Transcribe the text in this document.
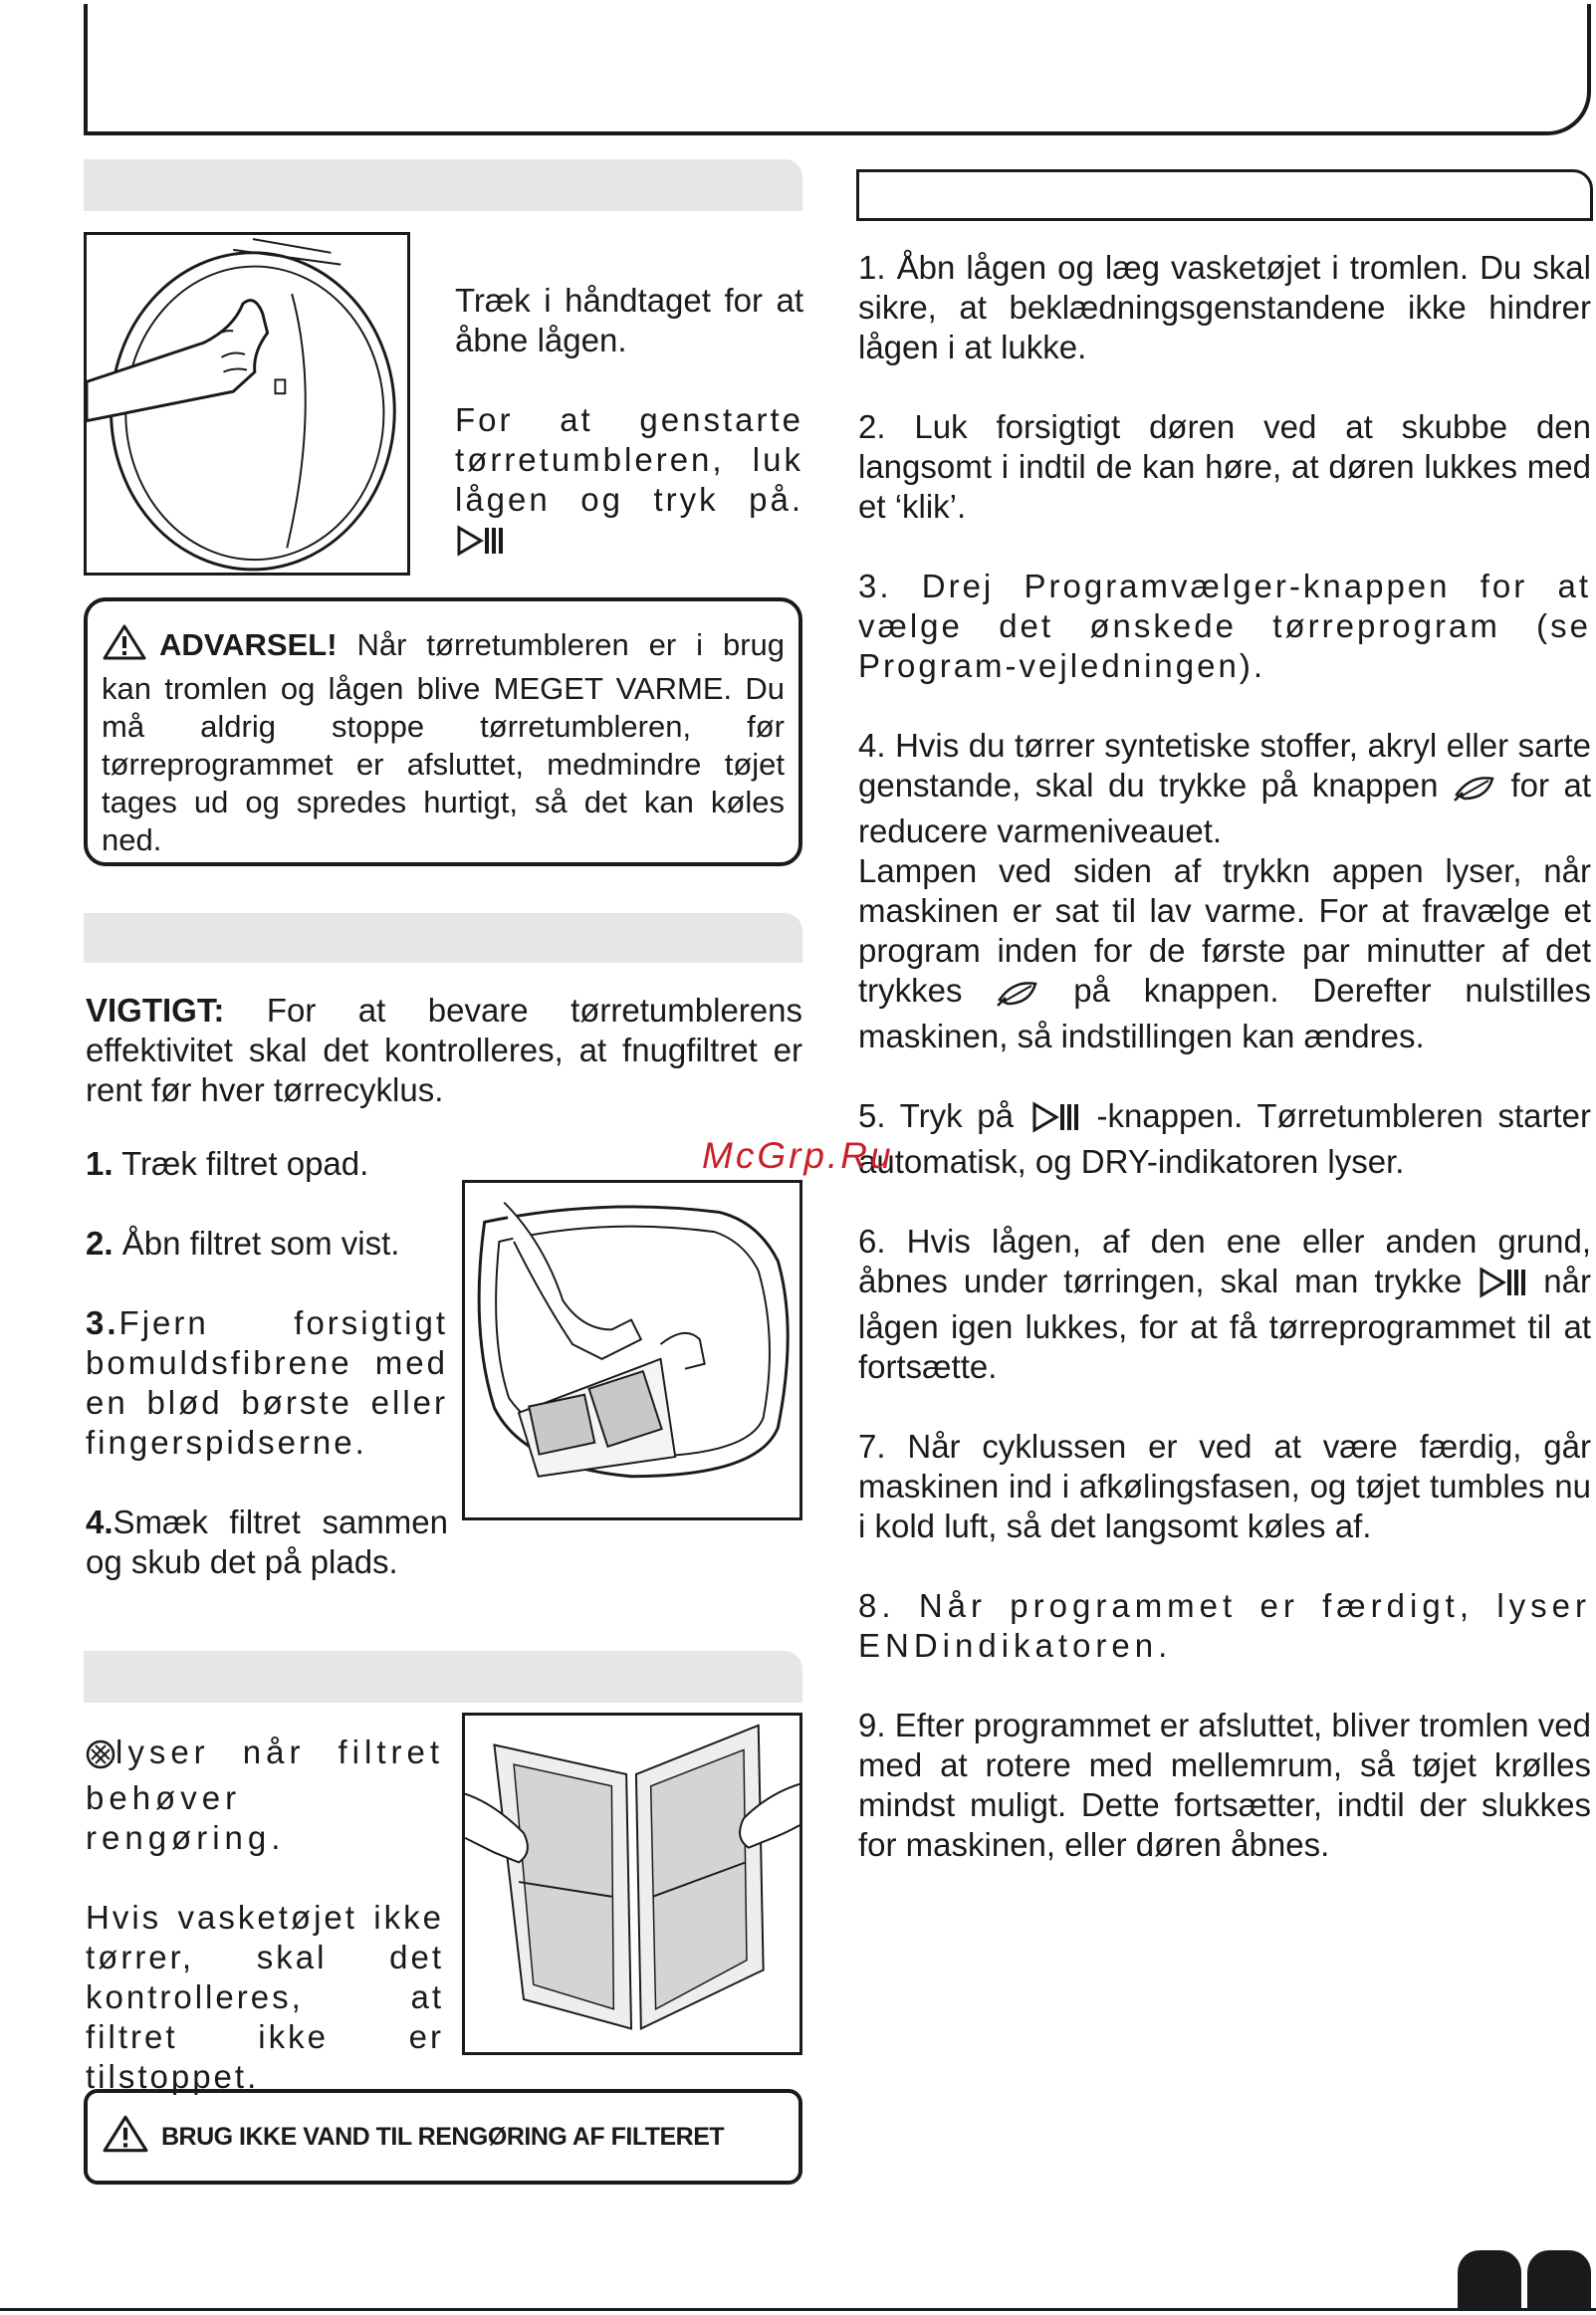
Træk i håndtaget for at åbne lågen.

For at genstarte tørretumbleren, luk lågen og tryk på.

ADVARSEL! Når tørretumbleren er i brug kan tromlen og lågen blive MEGET VARME. Du må aldrig stoppe tørretumbleren, før tørreprogrammet er afsluttet, medmindre tøjet tages ud og spredes hurtigt, så det kan køles ned.
VIGTIGT: For at bevare tørretumblerens effektivitet skal det kontrolleres, at fnugfiltret er rent før hver tørrecyklus.

1. Træk filtret opad.

2. Åbn filtret som vist.

3.Fjern forsigtigt bomuldsfibrene med en blød børste eller fingerspidserne.

4.Smæk filtret sammen og skub det på plads.

lyser når filtret behøver rengøring.

Hvis vasketøjet ikke tørrer, skal det kontrolleres, at filtret ikke er tilstoppet.

BRUG IKKE VAND TIL RENGØRING AF FILTERET

1. Åbn lågen og læg vasketøjet i tromlen. Du skal sikre, at beklædningsgenstandene ikke hindrer lågen i at lukke.

2. Luk forsigtigt døren ved at skubbe den langsomt i indtil de kan høre, at døren lukkes med et ‘klik’.

3. Drej Programvælger-knappen for at vælge det ønskede tørreprogram (se Program-vejledningen).

4. Hvis du tørrer syntetiske stoffer, akryl eller sarte genstande, skal du trykke på knappen for at reducere varmeniveauet.

Lampen ved siden af trykkn appen lyser, når maskinen er sat til lav varme. For at fravælge et program inden for de første par minutter af det trykkes	på knappen. Derefter nulstilles maskinen, så indstillingen kan ændres.

5. Tryk på	-knappen. Tørretumbleren starter automatisk, og DRY-indikatoren lyser.

6. Hvis lågen, af den ene eller anden grund, åbnes under tørringen, skal man trykke når lågen igen lukkes, for at få tørreprogrammet til at fortsætte.

7. Når cyklussen er ved at være færdig, går maskinen ind i afkølingsfasen, og tøjet tumbles nu i kold luft, så det langsomt køles af.

8. Når programmet er færdigt, lyser ENDindikatoren.

9. Efter programmet er afsluttet, bliver tromlen ved med at rotere med mellemrum, så tøjet krølles mindst muligt. Dette fortsætter, indtil der slukkes for maskinen, eller døren åbnes.

McGrp.Ru
